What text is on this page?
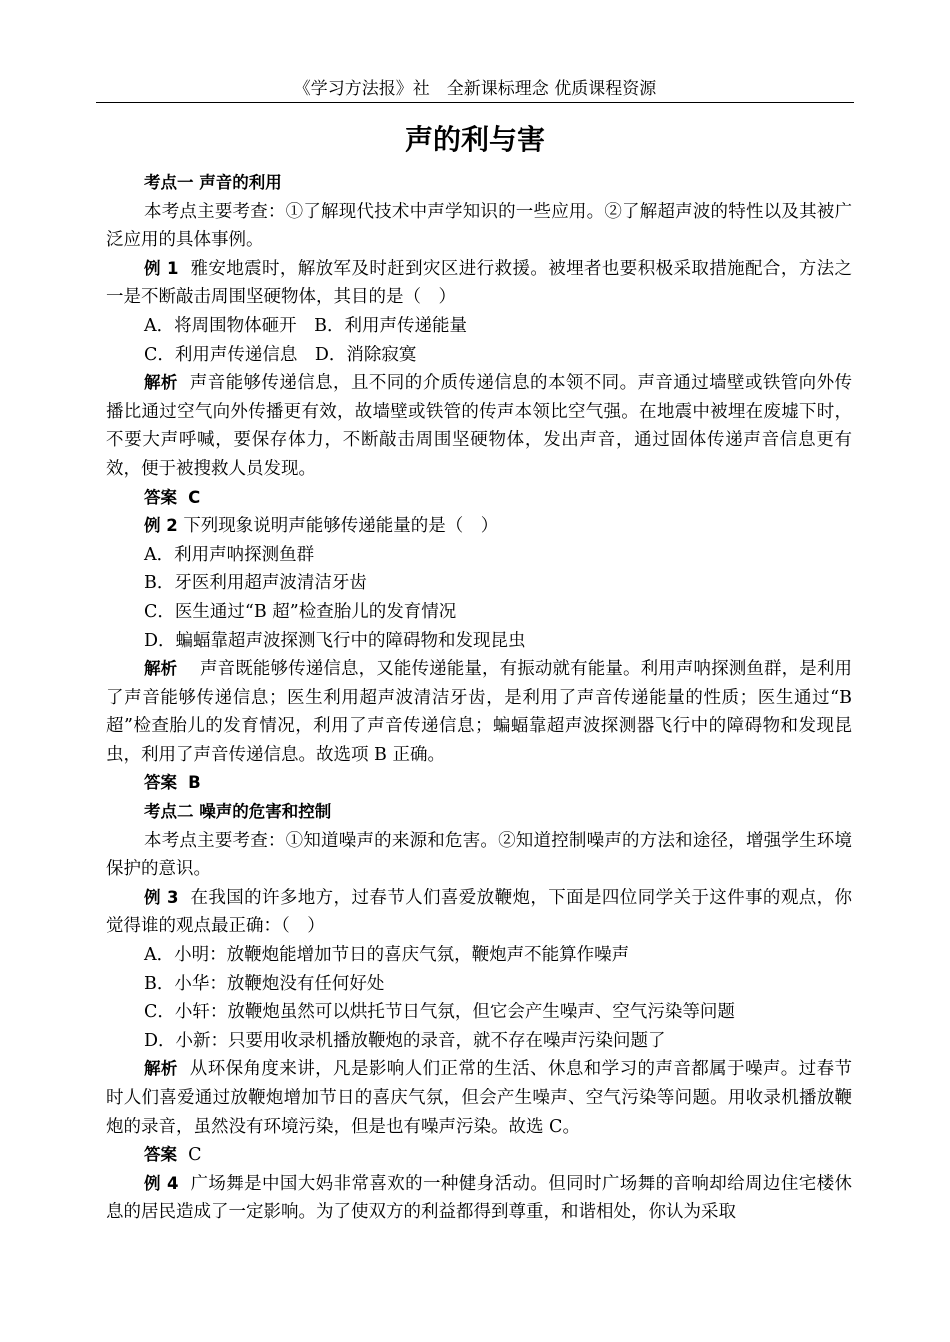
《学习方法报》社　全新课标理念 优质课程资源
声的利与害

考点一 声音的利用

本考点主要考查：①了解现代技术中声学知识的一些应用。②了解超声波的特性以及其被广泛应用的具体事例。

例 1 雅安地震时，解放军及时赶到灾区进行救援。被埋者也要积极采取措施配合，方法之一是不断敲击周围坚硬物体，其目的是（　）

A．将周围物体砸开　B．利用声传递能量

C．利用声传递信息　D．消除寂寞

解析 声音能够传递信息，且不同的介质传递信息的本领不同。声音通过墙壁或铁管向外传播比通过空气向外传播更有效，故墙壁或铁管的传声本领比空气强。在地震中被埋在废墟下时，不要大声呼喊，要保存体力，不断敲击周围坚硬物体，发出声音，通过固体传递声音信息更有效，便于被搜救人员发现。

答案 C

例 2 下列现象说明声能够传递能量的是（　）

A．利用声呐探测鱼群

B．牙医利用超声波清洁牙齿

C．医生通过“B 超”检查胎儿的发育情况

D．蝙蝠靠超声波探测飞行中的障碍物和发现昆虫

解析 声音既能够传递信息，又能传递能量，有振动就有能量。利用声呐探测鱼群，是利用了声音能够传递信息；医生利用超声波清洁牙齿，是利用了声音传递能量的性质；医生通过“B 超”检查胎儿的发育情况，利用了声音传递信息；蝙蝠靠超声波探测器飞行中的障碍物和发现昆虫，利用了声音传递信息。故选项 B 正确。

答案 B

考点二 噪声的危害和控制

本考点主要考查：①知道噪声的来源和危害。②知道控制噪声的方法和途径，增强学生环境保护的意识。

例 3 在我国的许多地方，过春节人们喜爱放鞭炮，下面是四位同学关于这件事的观点，你觉得谁的观点最正确：（　）

A．小明：放鞭炮能增加节日的喜庆气氛，鞭炮声不能算作噪声

B．小华：放鞭炮没有任何好处

C．小轩：放鞭炮虽然可以烘托节日气氛，但它会产生噪声、空气污染等问题

D．小新：只要用收录机播放鞭炮的录音，就不存在噪声污染问题了

解析 从环保角度来讲，凡是影响人们正常的生活、休息和学习的声音都属于噪声。过春节时人们喜爱通过放鞭炮增加节日的喜庆气氛，但会产生噪声、空气污染等问题。用收录机播放鞭炮的录音，虽然没有环境污染，但是也有噪声污染。故选 C。

答案 C

例 4 广场舞是中国大妈非常喜欢的一种健身活动。但同时广场舞的音响却给周边住宅楼休息的居民造成了一定影响。为了使双方的利益都得到尊重，和谐相处，你认为采取
